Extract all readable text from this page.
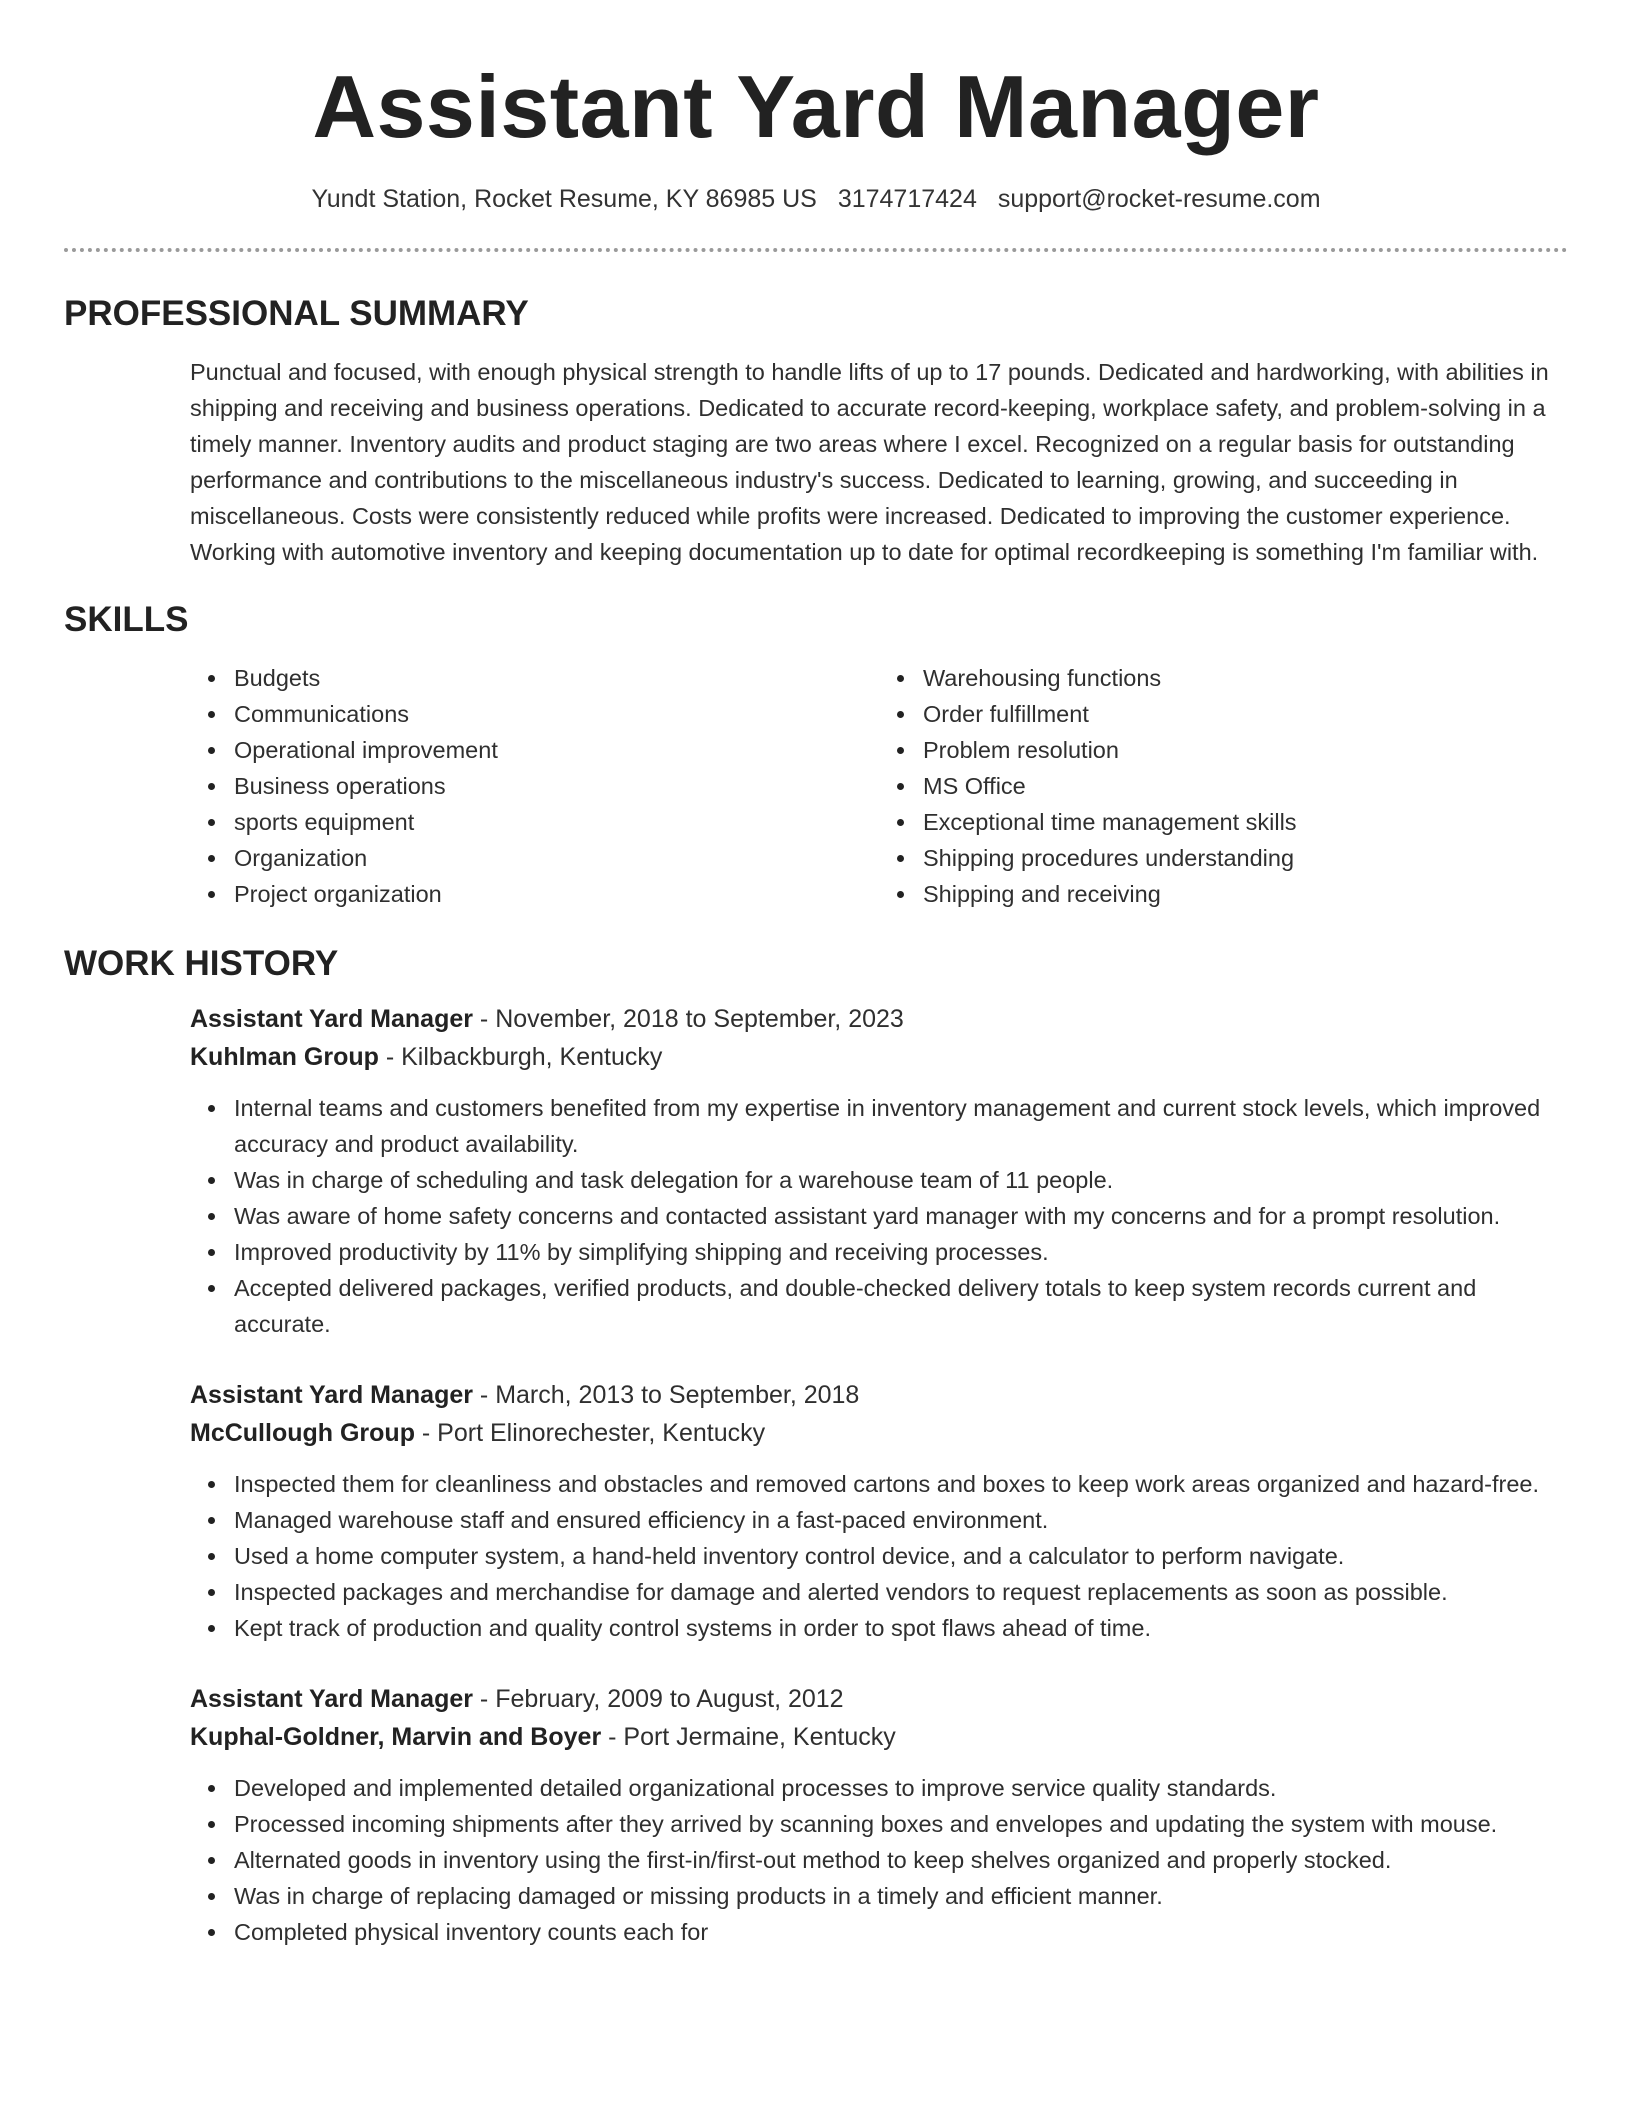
Assistant Yard Manager
Yundt Station, Rocket Resume, KY 86985 US 3174717424 support@rocket-resume.com
PROFESSIONAL SUMMARY

Punctual and focused, with enough physical strength to handle lifts of up to 17 pounds. Dedicated and hardworking, with abilities in shipping and receiving and business operations. Dedicated to accurate record-keeping, workplace safety, and problem-solving in a timely manner. Inventory audits and product staging are two areas where I excel. Recognized on a regular basis for outstanding performance and contributions to the miscellaneous industry's success. Dedicated to learning, growing, and succeeding in miscellaneous. Costs were consistently reduced while profits were increased. Dedicated to improving the customer experience. Working with automotive inventory and keeping documentation up to date for optimal recordkeeping is something I'm familiar with.

SKILLS
Budgets
Communications
Operational improvement
Business operations
sports equipment
Organization
Project organization
Warehousing functions
Order fulfillment
Problem resolution
MS Office
Exceptional time management skills
Shipping procedures understanding
Shipping and receiving
WORK HISTORY
Assistant Yard Manager - November, 2018 to September, 2023
Kuhlman Group - Kilbackburgh, Kentucky
Internal teams and customers benefited from my expertise in inventory management and current stock levels, which improved accuracy and product availability.
Was in charge of scheduling and task delegation for a warehouse team of 11 people.
Was aware of home safety concerns and contacted assistant yard manager with my concerns and for a prompt resolution.
Improved productivity by 11% by simplifying shipping and receiving processes.
Accepted delivered packages, verified products, and double-checked delivery totals to keep system records current and accurate.
Assistant Yard Manager - March, 2013 to September, 2018
McCullough Group - Port Elinorechester, Kentucky
Inspected them for cleanliness and obstacles and removed cartons and boxes to keep work areas organized and hazard-free.
Managed warehouse staff and ensured efficiency in a fast-paced environment.
Used a home computer system, a hand-held inventory control device, and a calculator to perform navigate.
Inspected packages and merchandise for damage and alerted vendors to request replacements as soon as possible.
Kept track of production and quality control systems in order to spot flaws ahead of time.
Assistant Yard Manager - February, 2009 to August, 2012
Kuphal-Goldner, Marvin and Boyer - Port Jermaine, Kentucky
Developed and implemented detailed organizational processes to improve service quality standards.
Processed incoming shipments after they arrived by scanning boxes and envelopes and updating the system with mouse.
Alternated goods in inventory using the first-in/first-out method to keep shelves organized and properly stocked.
Was in charge of replacing damaged or missing products in a timely and efficient manner.
Completed physical inventory counts each for
